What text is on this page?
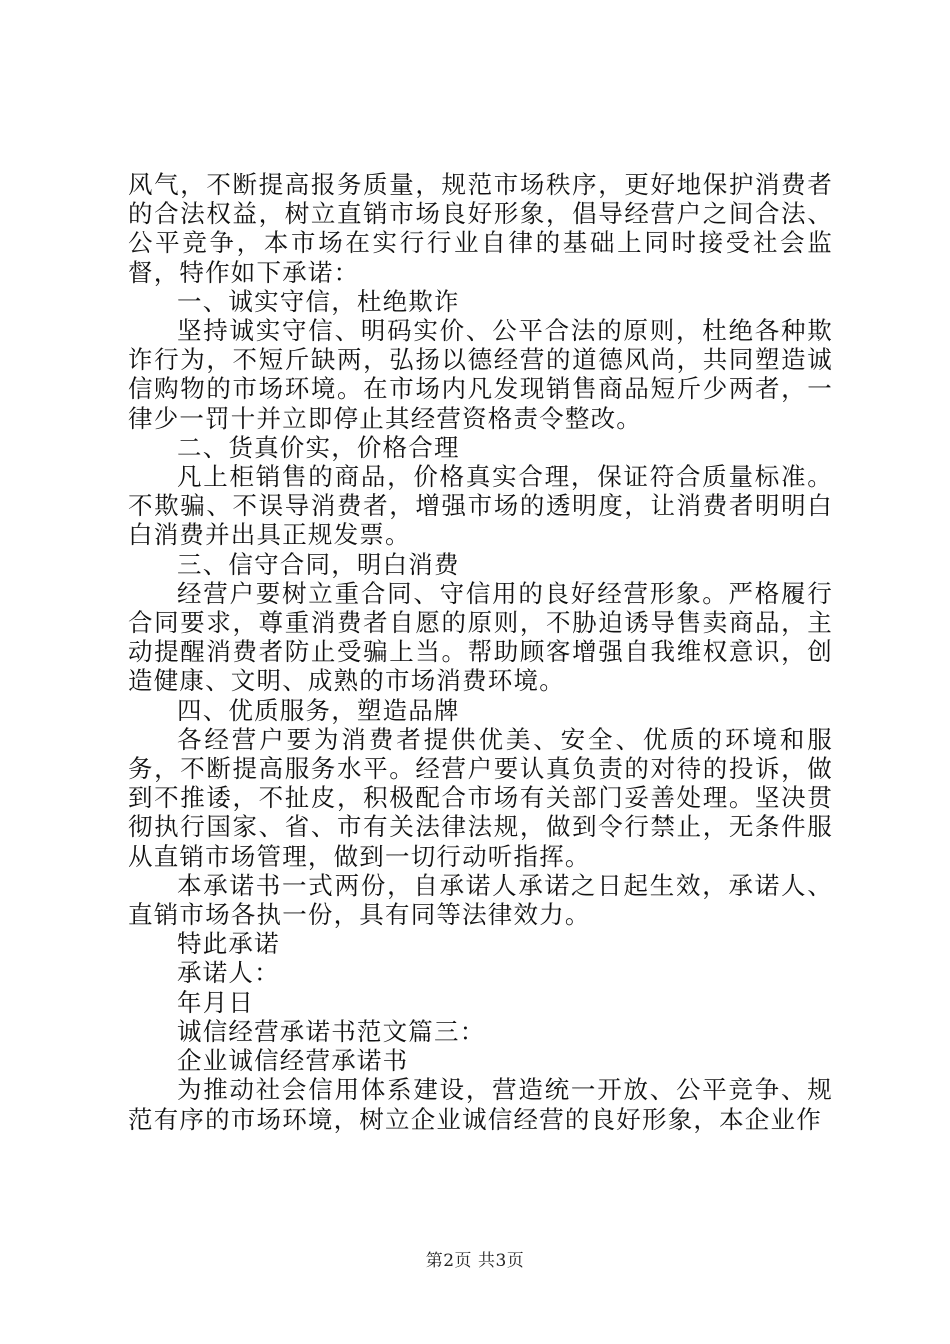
风气，不断提高报务质量，规范市场秩序，更好地保护消费者的合法权益，树立直销市场良好形象，倡导经营户之间合法、公平竞争，本市场在实行行业自律的基础上同时接受社会监督，特作如下承诺：

一、诚实守信，杜绝欺诈

坚持诚实守信、明码实价、公平合法的原则，杜绝各种欺诈行为，不短斤缺两，弘扬以德经营的道德风尚，共同塑造诚信购物的市场环境。在市场内凡发现销售商品短斤少两者，一律少一罚十并立即停止其经营资格责令整改。

二、货真价实，价格合理

凡上柜销售的商品，价格真实合理，保证符合质量标准。不欺骗、不误导消费者，增强市场的透明度，让消费者明明白白消费并出具正规发票。

三、信守合同，明白消费

经营户要树立重合同、守信用的良好经营形象。严格履行合同要求，尊重消费者自愿的原则，不胁迫诱导售卖商品，主动提醒消费者防止受骗上当。帮助顾客增强自我维权意识，创造健康、文明、成熟的市场消费环境。

四、优质服务，塑造品牌

各经营户要为消费者提供优美、安全、优质的环境和服务，不断提高服务水平。经营户要认真负责的对待的投诉，做到不推诿，不扯皮，积极配合市场有关部门妥善处理。坚决贯彻执行国家、省、市有关法律法规，做到令行禁止，无条件服从直销市场管理，做到一切行动听指挥。

本承诺书一式两份，自承诺人承诺之日起生效，承诺人、直销市场各执一份，具有同等法律效力。

特此承诺

承诺人：

年月日

诚信经营承诺书范文篇三：

企业诚信经营承诺书

为推动社会信用体系建设，营造统一开放、公平竞争、规范有序的市场环境，树立企业诚信经营的良好形象，本企业作

第2页 共3页
